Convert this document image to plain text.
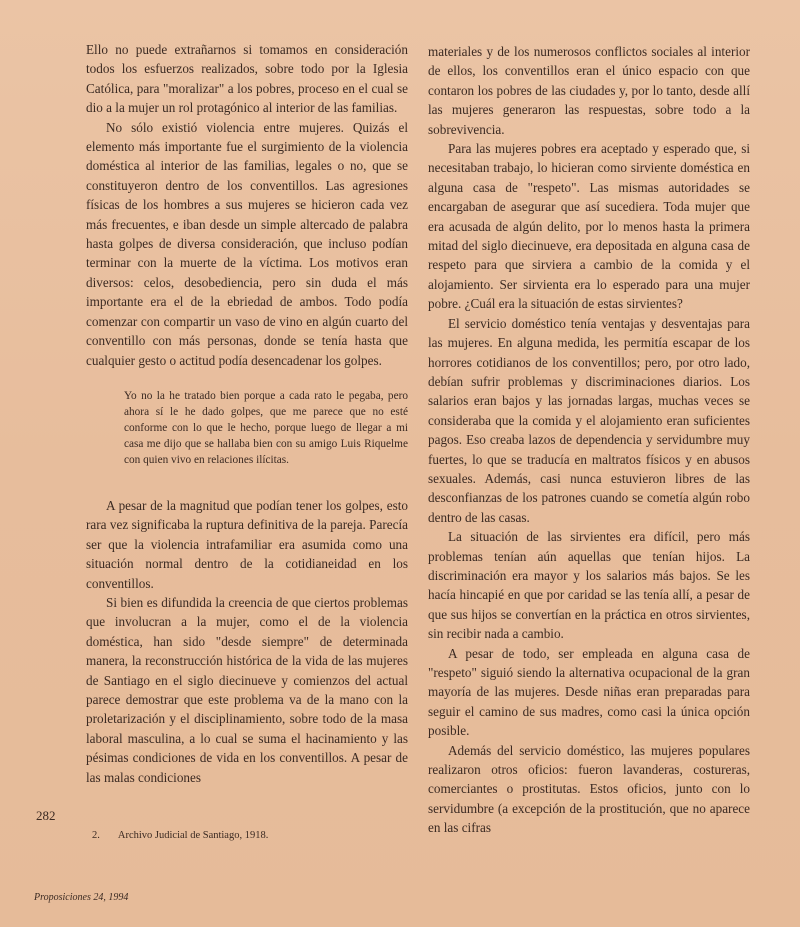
Ello no puede extrañarnos si tomamos en consideración todos los esfuerzos realizados, sobre todo por la Iglesia Católica, para "moralizar" a los pobres, proceso en el cual se dio a la mujer un rol protagónico al interior de las familias.

No sólo existió violencia entre mujeres. Quizás el elemento más importante fue el surgimiento de la violencia doméstica al interior de las familias, legales o no, que se constituyeron dentro de los conventillos. Las agresiones físicas de los hombres a sus mujeres se hicieron cada vez más frecuentes, e iban desde un simple altercado de palabra hasta golpes de diversa consideración, que incluso podían terminar con la muerte de la víctima. Los motivos eran diversos: celos, desobediencia, pero sin duda el más importante era el de la ebriedad de ambos. Todo podía comenzar con compartir un vaso de vino en algún cuarto del conventillo con más personas, donde se tenía hasta que cualquier gesto o actitud podía desencadenar los golpes.

Yo no la he tratado bien porque a cada rato le pegaba, pero ahora sí le he dado golpes, que me parece que no esté conforme con lo que le hecho, porque luego de llegar a mi casa me dijo que se hallaba bien con su amigo Luis Riquelme con quien vivo en relaciones ilícitas.

A pesar de la magnitud que podían tener los golpes, esto rara vez significaba la ruptura definitiva de la pareja. Parecía ser que la violencia intrafamiliar era asumida como una situación normal dentro de la cotidianeidad en los conventillos.

Si bien es difundida la creencia de que ciertos problemas que involucran a la mujer, como el de la violencia doméstica, han sido "desde siempre" de determinada manera, la reconstrucción histórica de la vida de las mujeres de Santiago en el siglo diecinueve y comienzos del actual parece demostrar que este problema va de la mano con la proletarización y el disciplinamiento, sobre todo de la masa laboral masculina, a lo cual se suma el hacinamiento y las pésimas condiciones de vida en los conventillos. A pesar de las malas condiciones

materiales y de los numerosos conflictos sociales al interior de ellos, los conventillos eran el único espacio con que contaron los pobres de las ciudades y, por lo tanto, desde allí las mujeres generaron las respuestas, sobre todo a la sobrevivencia.

Para las mujeres pobres era aceptado y esperado que, si necesitaban trabajo, lo hicieran como sirviente doméstica en alguna casa de "respeto". Las mismas autoridades se encargaban de asegurar que así sucediera. Toda mujer que era acusada de algún delito, por lo menos hasta la primera mitad del siglo diecinueve, era depositada en alguna casa de respeto para que sirviera a cambio de la comida y el alojamiento. Ser sirvienta era lo esperado para una mujer pobre. ¿Cuál era la situación de estas sirvientes?

El servicio doméstico tenía ventajas y desventajas para las mujeres. En alguna medida, les permitía escapar de los horrores cotidianos de los conventillos; pero, por otro lado, debían sufrir problemas y discriminaciones diarios. Los salarios eran bajos y las jornadas largas, muchas veces se consideraba que la comida y el alojamiento eran suficientes pagos. Eso creaba lazos de dependencia y servidumbre muy fuertes, lo que se traducía en maltratos físicos y en abusos sexuales. Además, casi nunca estuvieron libres de las desconfianzas de los patrones cuando se cometía algún robo dentro de las casas.

La situación de las sirvientes era difícil, pero más problemas tenían aún aquellas que tenían hijos. La discriminación era mayor y los salarios más bajos. Se les hacía hincapié en que por caridad se las tenía allí, a pesar de que sus hijos se convertían en la práctica en otros sirvientes, sin recibir nada a cambio.

A pesar de todo, ser empleada en alguna casa de "respeto" siguió siendo la alternativa ocupacional de la gran mayoría de las mujeres. Desde niñas eran preparadas para seguir el camino de sus madres, como casi la única opción posible.

Además del servicio doméstico, las mujeres populares realizaron otros oficios: fueron lavanderas, costureras, comerciantes o prostitutas. Estos oficios, junto con lo servidumbre (a excepción de la prostitución, que no aparece en las cifras

282
2. Archivo Judicial de Santiago, 1918.
Proposiciones 24, 1994
